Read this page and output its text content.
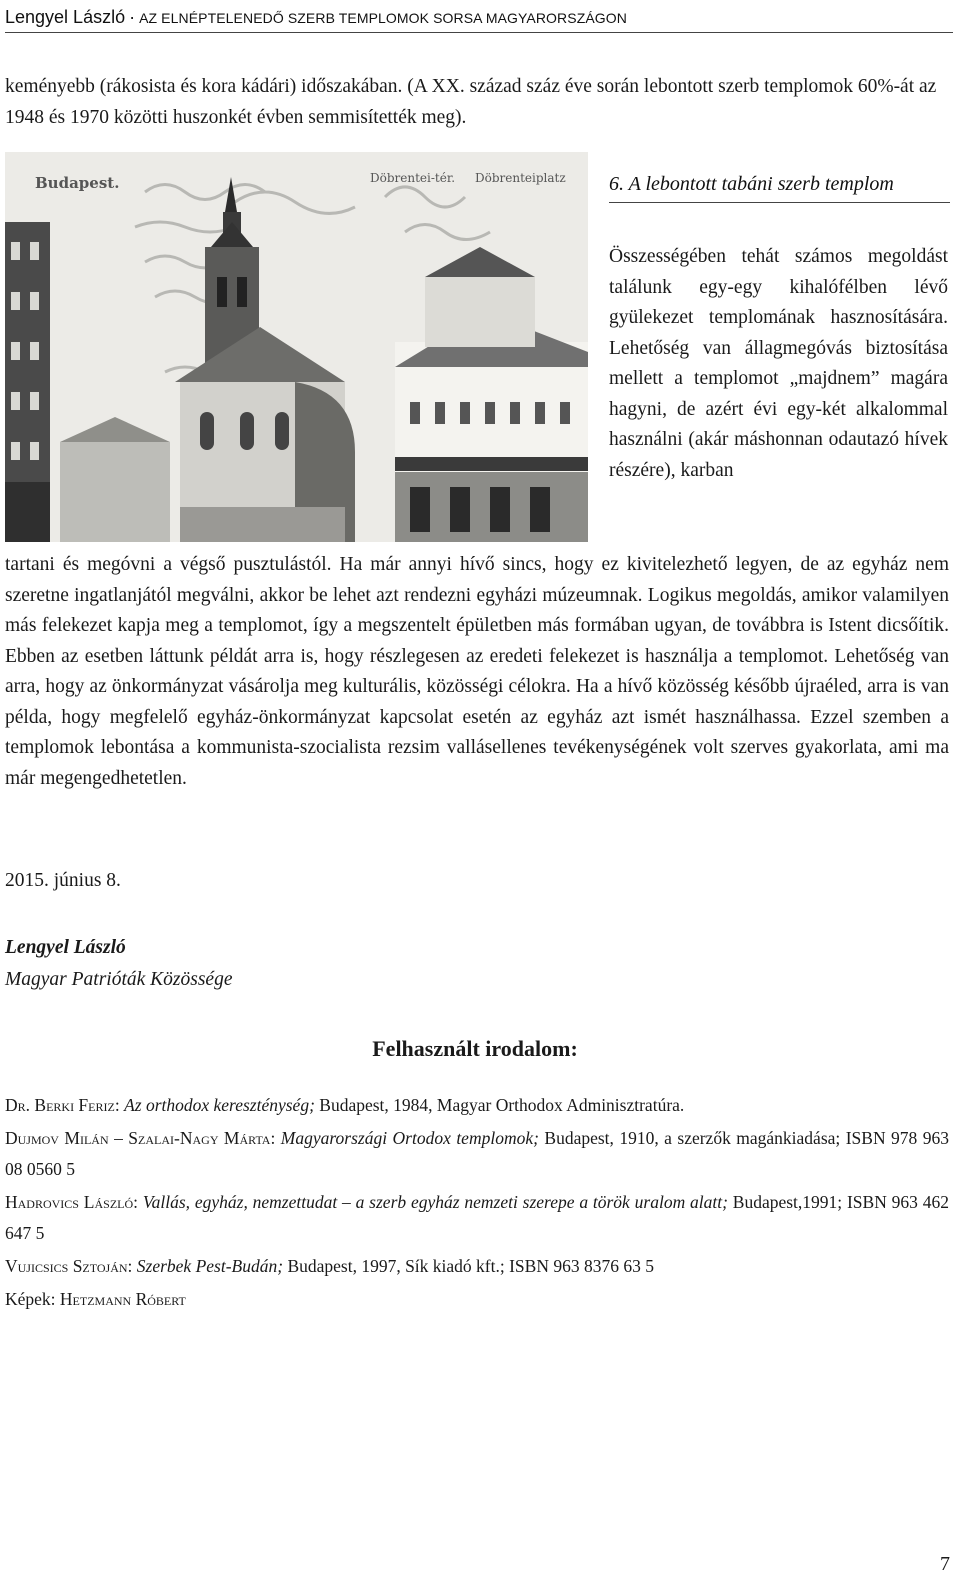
Lengyel László · AZ ELNÉPTELENEDŐ SZERB TEMPLOMOK SORSA MAGYARORSZÁGON
keményebb (rákosista és kora kádári) időszakában. (A XX. század száz éve során lebontott szerb templomok 60%-át az 1948 és 1970 közötti huszonkét évben semmisítették meg).
Budapest.	Döbrentei-tér. Döbrenteiplatz 6. A lebontott tabáni szerb templom
Összességében tehát számos megoldást találunk egy-egy kihalófélben lévő gyülekezet templomának hasznosítására. Lehetőség van állagmegóvás biztosítása mellett a templomot „majdnem” magára hagyni, de azért évi egy-két alkalommal használni (akár máshonnan odautazó hívek részére), karban
tartani és megóvni a végső pusztulástól. Ha már annyi hívő sincs, hogy ez kivitelezhető legyen, de az egyház nem szeretne ingatlanjától megválni, akkor be lehet azt rendezni egyházi múzeumnak. Logikus megoldás, amikor valamilyen más felekezet kapja meg a templomot, így a megszentelt épületben más formában ugyan, de továbbra is Istent dicsőítik. Ebben az esetben láttunk példát arra is, hogy részlegesen az eredeti felekezet is használja a templomot. Lehetőség van arra, hogy az önkormányzat vásárolja meg kulturális, közösségi célokra. Ha a hívő közösség később újraéled, arra is van példa, hogy megfelelő egyház-önkormányzat kapcsolat esetén az egyház azt ismét használhassa. Ezzel szemben a templomok lebontása a kommunista-szocialista rezsim vallásellenes tevékenységének volt szerves gyakorlata, ami ma már megengedhetetlen.
2015. június 8.
Lengyel László
Magyar Patrióták Közössége
Felhasznált irodalom:
Dr. Berki Feriz: Az orthodox kereszténység; Budapest, 1984, Magyar Orthodox Adminisztratúra.
Dujmov Milán – Szalai-Nagy Márta: Magyarországi Ortodox templomok; Budapest, 1910, a szerzők magánkiadása; ISBN 978 963 08 0560 5
Hadrovics László: Vallás, egyház, nemzettudat – a szerb egyház nemzeti szerepe a török uralom alatt; Budapest,1991; ISBN 963 462 647 5
Vujicsics Sztoján: Szerbek Pest-Budán; Budapest, 1997, Sík kiadó kft.; ISBN 963 8376 63 5
Képek: Hetzmann Róbert
7
